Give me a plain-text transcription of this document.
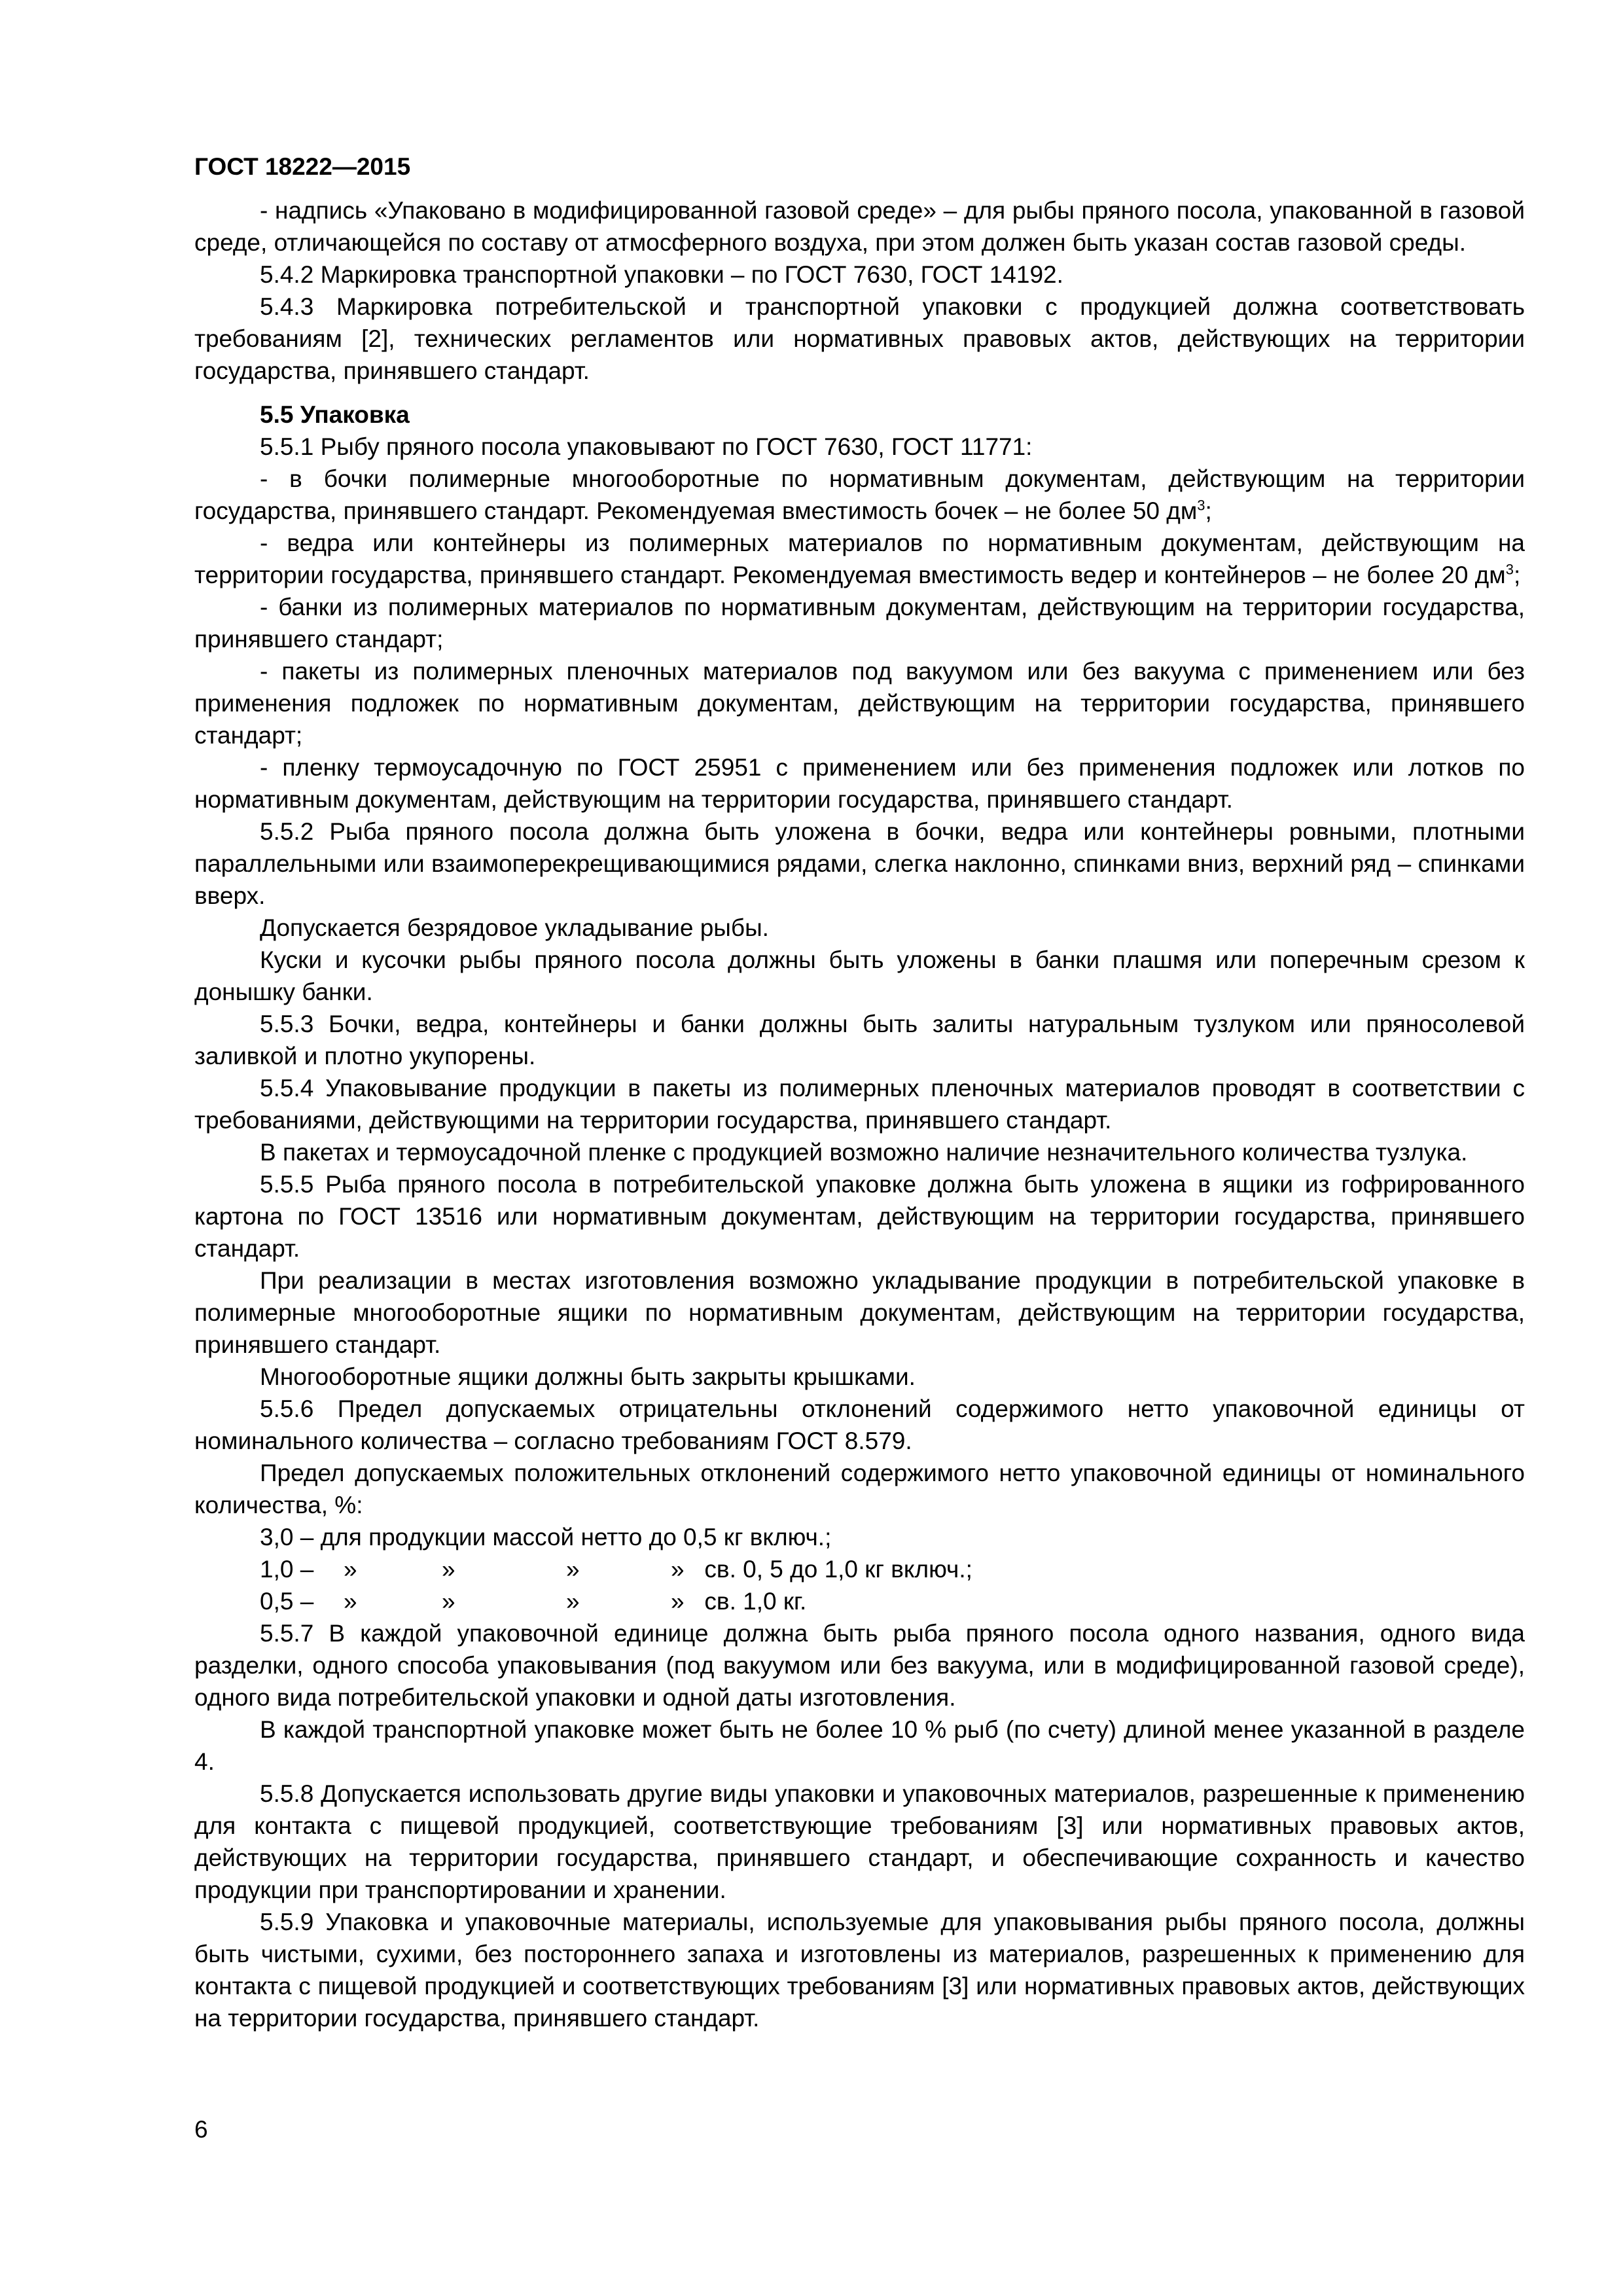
ГОСТ 18222—2015
- надпись «Упаковано в модифицированной газовой среде» – для рыбы пряного посола, упакованной в газовой среде, отличающейся по составу от атмосферного воздуха, при этом должен быть указан состав газовой среды.
5.4.2 Маркировка транспортной упаковки – по ГОСТ 7630, ГОСТ 14192.
5.4.3 Маркировка потребительской и транспортной упаковки с продукцией должна соответствовать требованиям [2], технических регламентов или нормативных правовых актов, действующих на территории государства, принявшего стандарт.
5.5 Упаковка
5.5.1 Рыбу пряного посола упаковывают по ГОСТ 7630, ГОСТ 11771:
- в бочки полимерные многооборотные по нормативным документам, действующим на территории государства, принявшего стандарт. Рекомендуемая вместимость бочек – не более 50 $дм^3$;
- ведра или контейнеры из полимерных материалов по нормативным документам, действующим на территории государства, принявшего стандарт. Рекомендуемая вместимость ведер и контейнеров – не более 20 $дм^3$;
- банки из полимерных материалов по нормативным документам, действующим на территории государства, принявшего стандарт;
- пакеты из полимерных пленочных материалов под вакуумом или без вакуума с применением или без применения подложек по нормативным документам, действующим на территории государства, принявшего стандарт;
- пленку термоусадочную по ГОСТ 25951 с применением или без применения подложек или лотков по нормативным документам, действующим на территории государства, принявшего стандарт.
5.5.2 Рыба пряного посола должна быть уложена в бочки, ведра или контейнеры ровными, плотными параллельными или взаимоперекрещивающимися рядами, слегка наклонно, спинками вниз, верхний ряд – спинками вверх.
Допускается безрядовое укладывание рыбы.
Куски и кусочки рыбы пряного посола должны быть уложены в банки плашмя или поперечным срезом к донышку банки.
5.5.3 Бочки, ведра, контейнеры и банки должны быть залиты натуральным тузлуком или пряносолевой заливкой и плотно укупорены.
5.5.4 Упаковывание продукции в пакеты из полимерных пленочных материалов проводят в соответствии с требованиями, действующими на территории государства, принявшего стандарт.
В пакетах и термоусадочной пленке с продукцией возможно наличие незначительного количества тузлука.
5.5.5 Рыба пряного посола в потребительской упаковке должна быть уложена в ящики из гофрированного картона по ГОСТ 13516 или нормативным документам, действующим на территории государства, принявшего стандарт.
При реализации в местах изготовления возможно укладывание продукции в потребительской упаковке в полимерные многооборотные ящики по нормативным документам, действующим на территории государства, принявшего стандарт.
Многооборотные ящики должны быть закрыты крышками.
5.5.6 Предел допускаемых отрицательны отклонений содержимого нетто упаковочной единицы от номинального количества – согласно требованиям ГОСТ 8.579.
Предел допускаемых положительных отклонений содержимого нетто упаковочной единицы от номинального количества, %:
3,0 – для продукции массой нетто до 0,5 кг включ.;
1,0 – »	»	»	»   св. 0, 5 до 1,0 кг включ.;
0,5 – »	»	»	»   св. 1,0 кг.
5.5.7 В каждой упаковочной единице должна быть рыба пряного посола одного названия, одного вида разделки, одного способа упаковывания (под вакуумом или без вакуума, или в модифицированной газовой среде), одного вида потребительской упаковки и одной даты изготовления.
В каждой транспортной упаковке может быть не более 10 % рыб (по счету) длиной менее указанной в разделе 4.
5.5.8 Допускается использовать другие виды упаковки и упаковочных материалов, разрешенные к применению для контакта с пищевой продукцией, соответствующие требованиям [3] или нормативных правовых актов, действующих на территории государства, принявшего стандарт, и обеспечивающие сохранность и качество продукции при транспортировании и хранении.
5.5.9 Упаковка и упаковочные материалы, используемые для упаковывания рыбы пряного посола, должны быть чистыми, сухими, без постороннего запаха и изготовлены из материалов, разрешенных к применению для контакта с пищевой продукцией и соответствующих требованиям [3] или нормативных правовых актов, действующих на территории государства, принявшего стандарт.
6
